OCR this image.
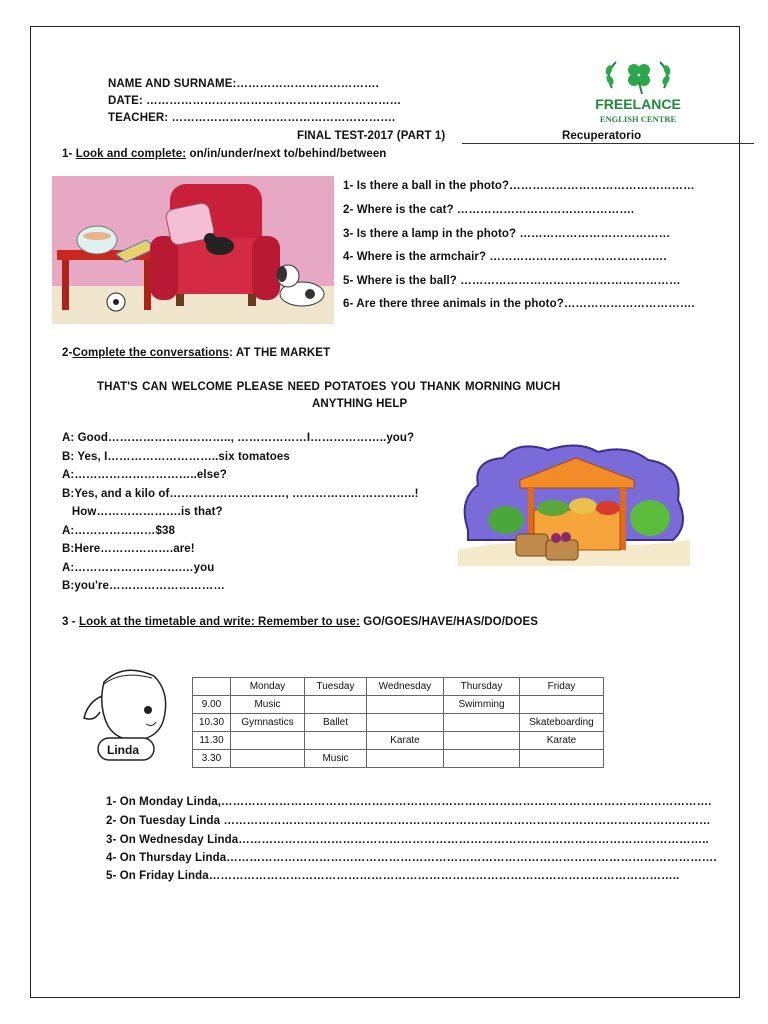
NAME AND SURNAME:……………………………….
DATE: …………………………………………………………
TEACHER: ………………………………………………….
FINAL TEST-2017 (PART 1)	Recuperatorio
FREELANCE
ENGLISH CENTRE
1- Look and complete: on/in/under/next to/behind/between
1- Is there a ball in the photo?…………………………………………
2- Where is the cat? ……………………………………….
3- Is there a lamp in the photo? …………………………………
4- Where is the armchair? ……………………………………….
5- Where is the ball? …………………………………………………
6- Are there three animals in the photo?…………………………….
2-Complete the conversations: AT THE MARKET
THAT'S CAN WELCOME PLEASE NEED POTATOES YOU THANK MORNING MUCH
ANYTHING HELP
A: Good………………………….., ………………I………………..you?
B: Yes, I………………………..six tomatoes
A:…………………………..else?
B:Yes, and a kilo of…………………………, …………………………..!
How………………….is that?
A:…………………$38
B:Here……………….are!
A:……………………….…you
B:you're…………………………
3 - Look at the timetable and write: Remember to use: GO/GOES/HAVE/HAS/DO/DOES
Linda
	Monday	Tuesday	Wednesday	Thursday	Friday
9.00	Music			Swimming	
10.30	Gymnastics	Ballet			Skateboarding
11.30			Karate		Karate
3.30		Music			
1- On Monday Linda,……………………………………………………………………………………………………………….
2- On Tuesday Linda ………………………………………………………………………………………………………………
3- On Wednesday Linda…………………………………………………………………………………………………………..
4- On Thursday Linda……………………………………………………………………………………………………………….
5- On Friday Linda…………………………………………………………………………………………………………..
